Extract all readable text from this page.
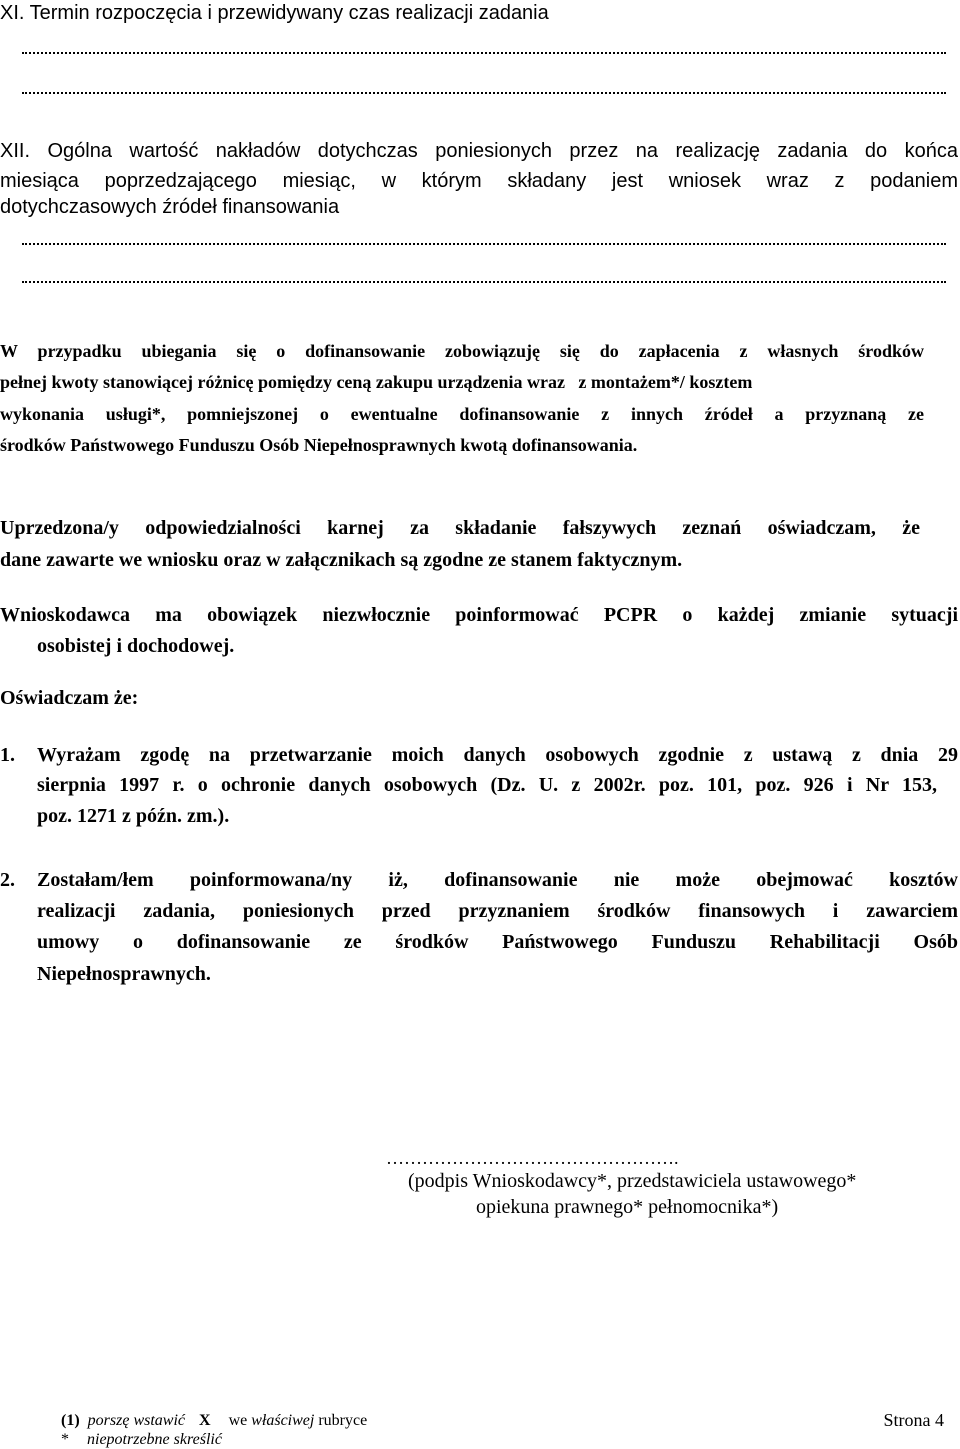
XI. Termin rozpoczęcia i przewidywany czas realizacji zadania
XII. Ogólna wartość nakładów dotychczas poniesionych przez na realizację zadania do końca
miesiąca poprzedzającego miesiąc, w którym składany jest wniosek wraz z podaniem
dotychczasowych źródeł finansowania
W przypadku ubiegania się o dofinansowanie zobowiązuję się do zapłacenia z własnych środków
pełnej kwoty stanowiącej różnicę pomiędzy ceną zakupu urządzenia wraz   z montażem*/ kosztem
wykonania usługi*, pomniejszonej o ewentualne dofinansowanie z innych źródeł a przyznaną ze
środków Państwowego Funduszu Osób Niepełnosprawnych kwotą dofinansowania.
Uprzedzona/y odpowiedzialności karnej za składanie fałszywych zeznań oświadczam, że
dane zawarte we wniosku oraz w załącznikach są zgodne ze stanem faktycznym.
Wnioskodawca ma obowiązek niezwłocznie poinformować PCPR o każdej zmianie sytuacji
osobistej i dochodowej.
Oświadczam że:
1. Wyrażam zgodę na przetwarzanie moich danych osobowych zgodnie z ustawą z dnia 29
sierpnia 1997 r. o ochronie danych osobowych (Dz. U. z 2002r. poz. 101, poz. 926 i Nr 153,
poz. 1271 z późn. zm.).
2. Zostałam/łem poinformowana/ny iż, dofinansowanie nie może obejmować kosztów
realizacji zadania, poniesionych przed przyznaniem środków finansowych i zawarciem
umowy o dofinansowanie ze środków Państwowego Funduszu Rehabilitacji Osób
Niepełnosprawnych.
………………………………………….
(podpis Wnioskodawcy*, przedstawiciela ustawowego*
opiekuna prawnego* pełnomocnika*)
(1) porszę wstawić X we właściwej rubryce
* niepotrzebne skreślić
Strona 4
